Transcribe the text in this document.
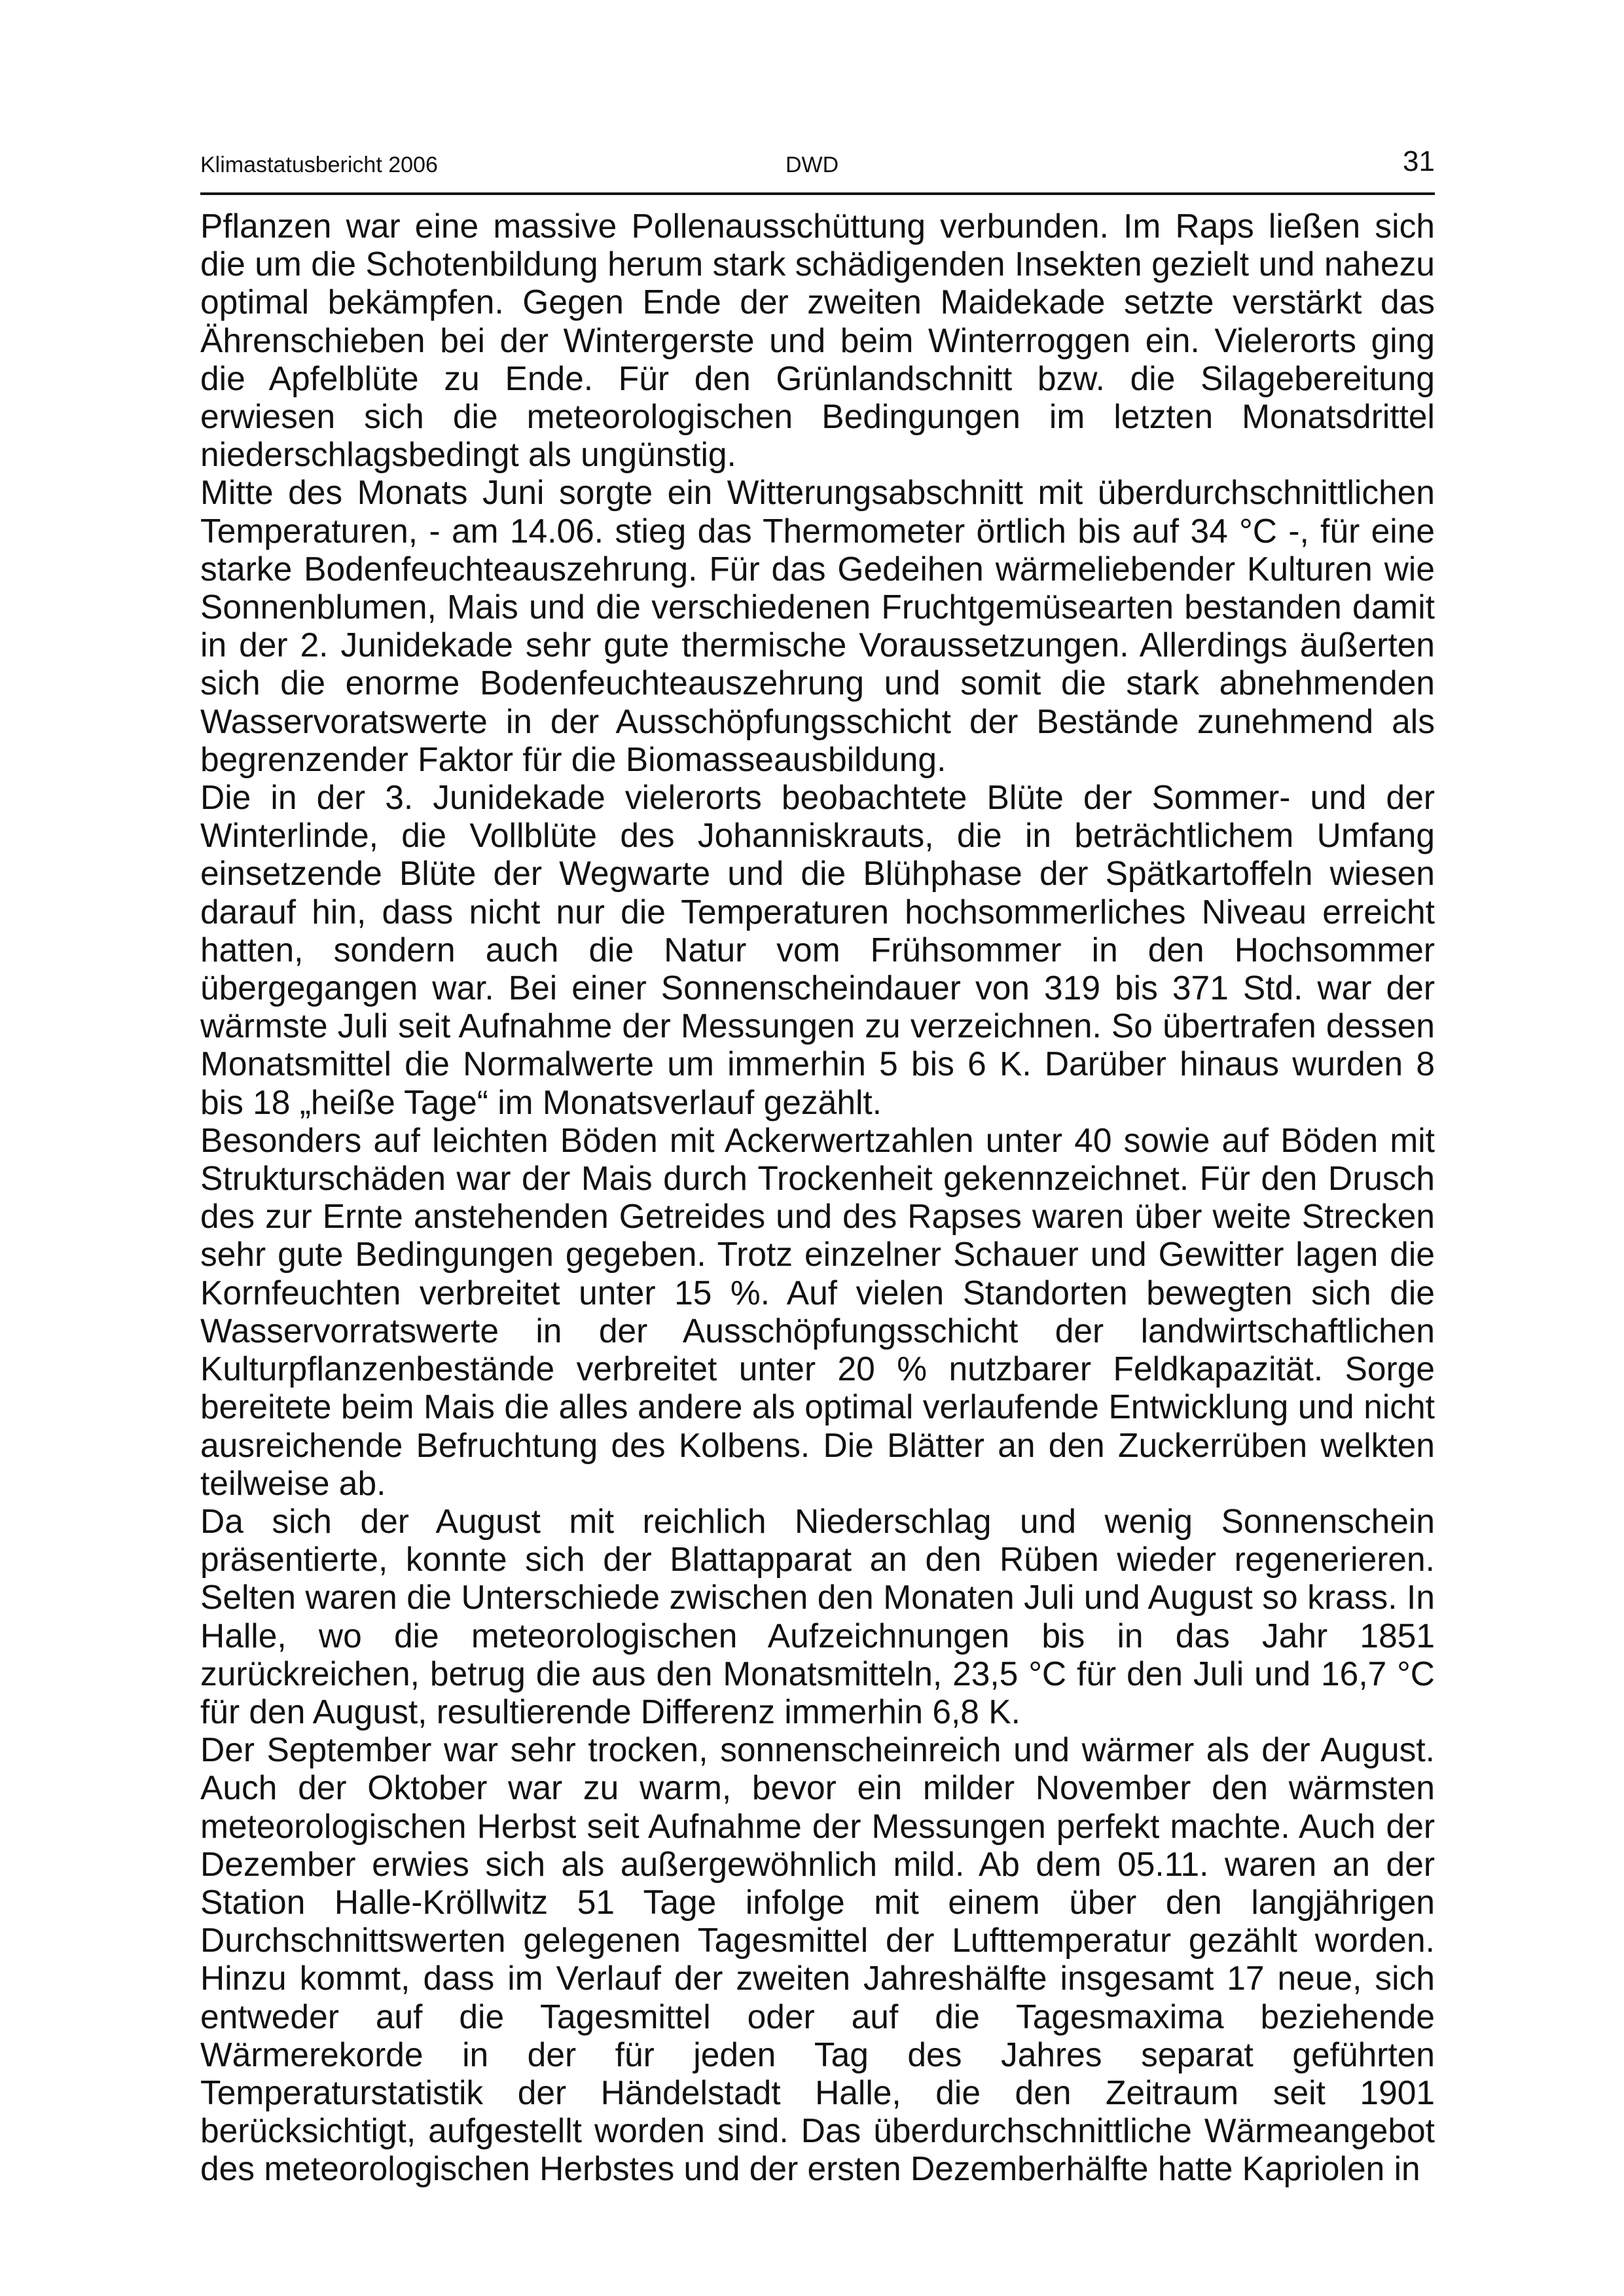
Klimastatusbericht 2006	DWD	31

Pflanzen war eine massive Pollenausschüttung verbunden. Im Raps ließen sich die um die Schotenbildung herum stark schädigenden Insekten gezielt und nahezu optimal bekämpfen. Gegen Ende der zweiten Maidekade setzte verstärkt das Ährenschieben bei der Wintergerste und beim Winterroggen ein. Vielerorts ging die Apfelblüte zu Ende. Für den Grünlandschnitt bzw. die Silagebereitung erwiesen sich die meteorologischen Bedingungen im letzten Monatsdrittel niederschlagsbedingt als ungünstig.

Mitte des Monats Juni sorgte ein Witterungsabschnitt mit überdurchschnittlichen Temperaturen, - am 14.06. stieg das Thermometer örtlich bis auf 34 °C -, für eine starke Bodenfeuchteauszehrung. Für das Gedeihen wärmeliebender Kulturen wie Sonnenblumen, Mais und die verschiedenen Fruchtgemüsearten bestanden damit in der 2. Junidekade sehr gute thermische Voraussetzungen. Allerdings äußerten sich die enorme Bodenfeuchteauszehrung und somit die stark abnehmenden Wasservoratswerte in der Ausschöpfungsschicht der Bestände zunehmend als begrenzender Faktor für die Biomasseausbildung.

Die in der 3. Junidekade vielerorts beobachtete Blüte der Sommer- und der Winterlinde, die Vollblüte des Johanniskrauts, die in beträchtlichem Umfang einsetzende Blüte der Wegwarte und die Blühphase der Spätkartoffeln wiesen darauf hin, dass nicht nur die Temperaturen hochsommerliches Niveau erreicht hatten, sondern auch die Natur vom Frühsommer in den Hochsommer übergegangen war. Bei einer Sonnenscheindauer von 319 bis 371 Std. war der wärmste Juli seit Aufnahme der Messungen zu verzeichnen. So übertrafen dessen Monatsmittel die Normalwerte um immerhin 5 bis 6 K. Darüber hinaus wurden 8 bis 18 „heiße Tage“ im Monatsverlauf gezählt.

Besonders auf leichten Böden mit Ackerwertzahlen unter 40 sowie auf Böden mit Strukturschäden war der Mais durch Trockenheit gekennzeichnet. Für den Drusch des zur Ernte anstehenden Getreides und des Rapses waren über weite Strecken sehr gute Bedingungen gegeben. Trotz einzelner Schauer und Gewitter lagen die Kornfeuchten verbreitet unter 15 %. Auf vielen Standorten bewegten sich die Wasservorratswerte in der Ausschöpfungsschicht der landwirtschaftlichen Kulturpflanzenbestände verbreitet unter 20 % nutzbarer Feldkapazität. Sorge bereitete beim Mais die alles andere als optimal verlaufende Entwicklung und nicht ausreichende Befruchtung des Kolbens. Die Blätter an den Zuckerrüben welkten teilweise ab.

Da sich der August mit reichlich Niederschlag und wenig Sonnenschein präsentierte, konnte sich der Blattapparat an den Rüben wieder regenerieren. Selten waren die Unterschiede zwischen den Monaten Juli und August so krass. In Halle, wo die meteorologischen Aufzeichnungen bis in das Jahr 1851 zurückreichen, betrug die aus den Monatsmitteln, 23,5 °C für den Juli und 16,7 °C für den August, resultierende Differenz immerhin 6,8 K.

Der September war sehr trocken, sonnenscheinreich und wärmer als der August. Auch der Oktober war zu warm, bevor ein milder November den wärmsten meteorologischen Herbst seit Aufnahme der Messungen perfekt machte. Auch der Dezember erwies sich als außergewöhnlich mild. Ab dem 05.11. waren an der Station Halle-Kröllwitz 51 Tage infolge mit einem über den langjährigen Durchschnittswerten gelegenen Tagesmittel der Lufttemperatur gezählt worden. Hinzu kommt, dass im Verlauf der zweiten Jahreshälfte insgesamt 17 neue, sich entweder auf die Tagesmittel oder auf die Tagesmaxima beziehende Wärmerekorde in der für jeden Tag des Jahres separat geführten Temperaturstatistik der Händelstadt Halle, die den Zeitraum seit 1901 berücksichtigt, aufgestellt worden sind. Das überdurchschnittliche Wärmeangebot des meteorologischen Herbstes und der ersten Dezemberhälfte hatte Kapriolen in
